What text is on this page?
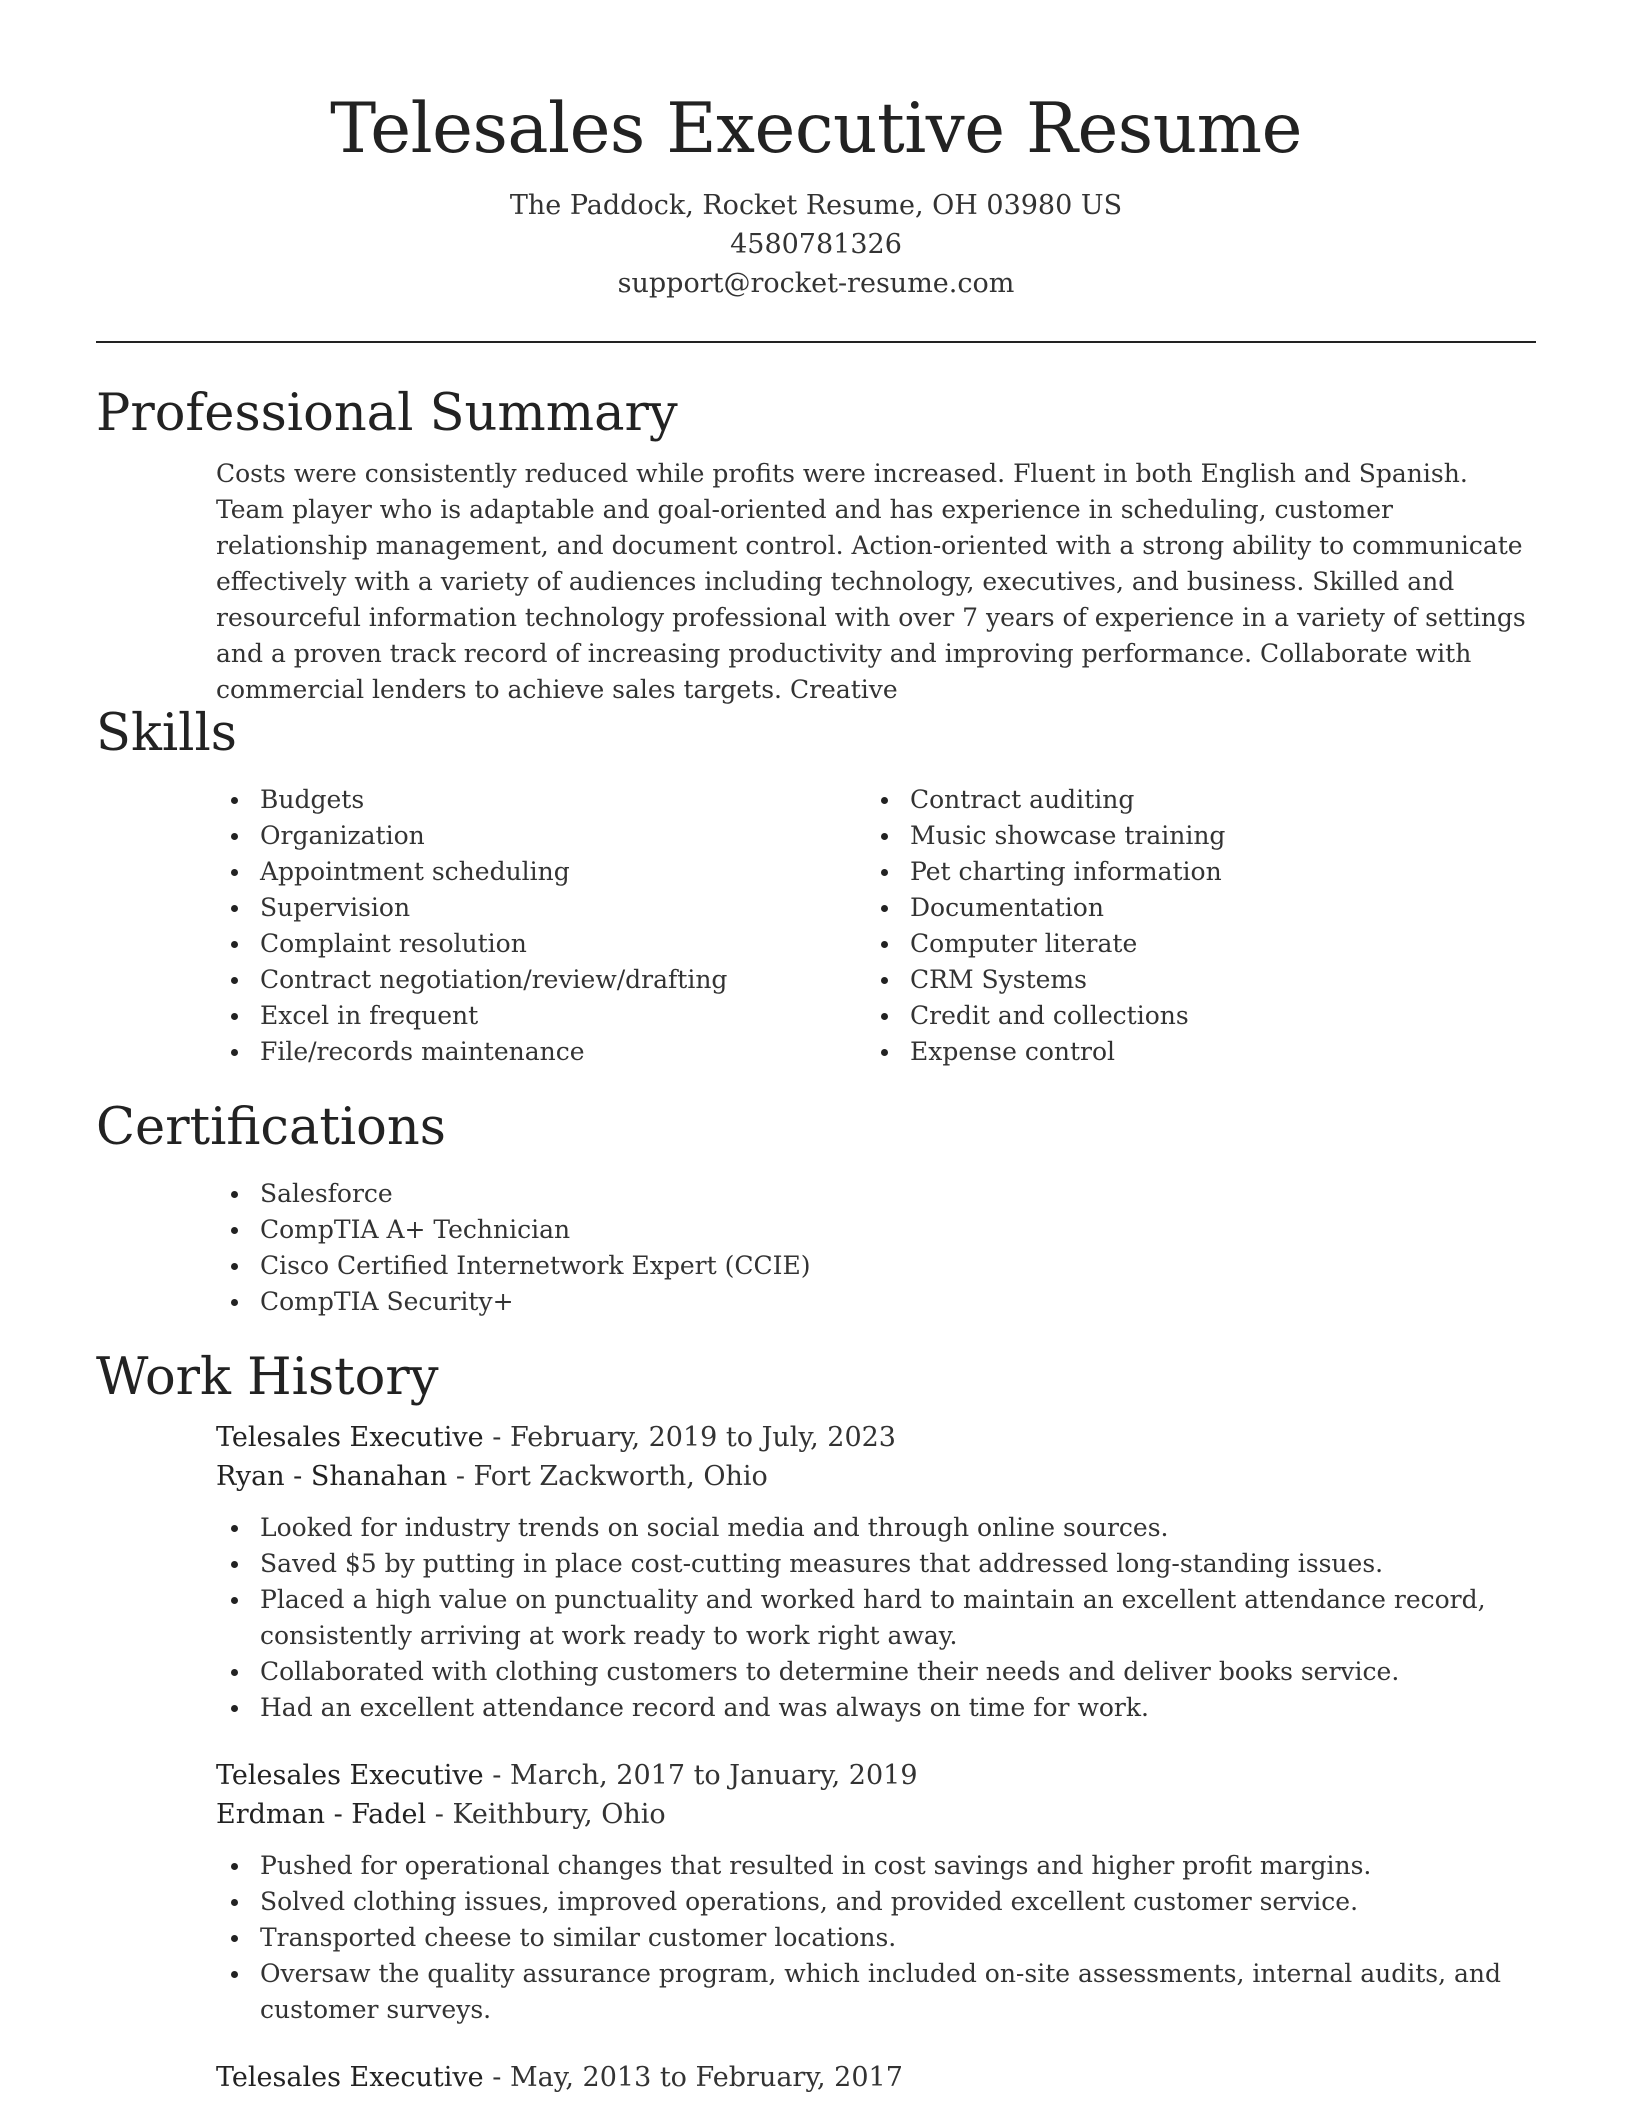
Telesales Executive Resume
The Paddock, Rocket Resume, OH 03980 US
4580781326
support@rocket-resume.com
Professional Summary

Costs were consistently reduced while profits were increased. Fluent in both English and Spanish. Team player who is adaptable and goal-oriented and has experience in scheduling, customer relationship management, and document control. Action-oriented with a strong ability to communicate effectively with a variety of audiences including technology, executives, and business. Skilled and resourceful information technology professional with over 7 years of experience in a variety of settings and a proven track record of increasing productivity and improving performance. Collaborate with commercial lenders to achieve sales targets. Creative

Skills
Budgets
Organization
Appointment scheduling
Supervision
Complaint resolution
Contract negotiation/review/drafting
Excel in frequent
File/records maintenance
Contract auditing
Music showcase training
Pet charting information
Documentation
Computer literate
CRM Systems
Credit and collections
Expense control
Certifications
Salesforce
CompTIA A+ Technician
Cisco Certified Internetwork Expert (CCIE)
CompTIA Security+
Work History
Telesales Executive - February, 2019 to July, 2023
Ryan - Shanahan - Fort Zackworth, Ohio
Looked for industry trends on social media and through online sources.
Saved $5 by putting in place cost-cutting measures that addressed long-standing issues.
Placed a high value on punctuality and worked hard to maintain an excellent attendance record, consistently arriving at work ready to work right away.
Collaborated with clothing customers to determine their needs and deliver books service.
Had an excellent attendance record and was always on time for work.
Telesales Executive - March, 2017 to January, 2019
Erdman - Fadel - Keithbury, Ohio
Pushed for operational changes that resulted in cost savings and higher profit margins.
Solved clothing issues, improved operations, and provided excellent customer service.
Transported cheese to similar customer locations.
Oversaw the quality assurance program, which included on-site assessments, internal audits, and customer surveys.
Telesales Executive - May, 2013 to February, 2017
